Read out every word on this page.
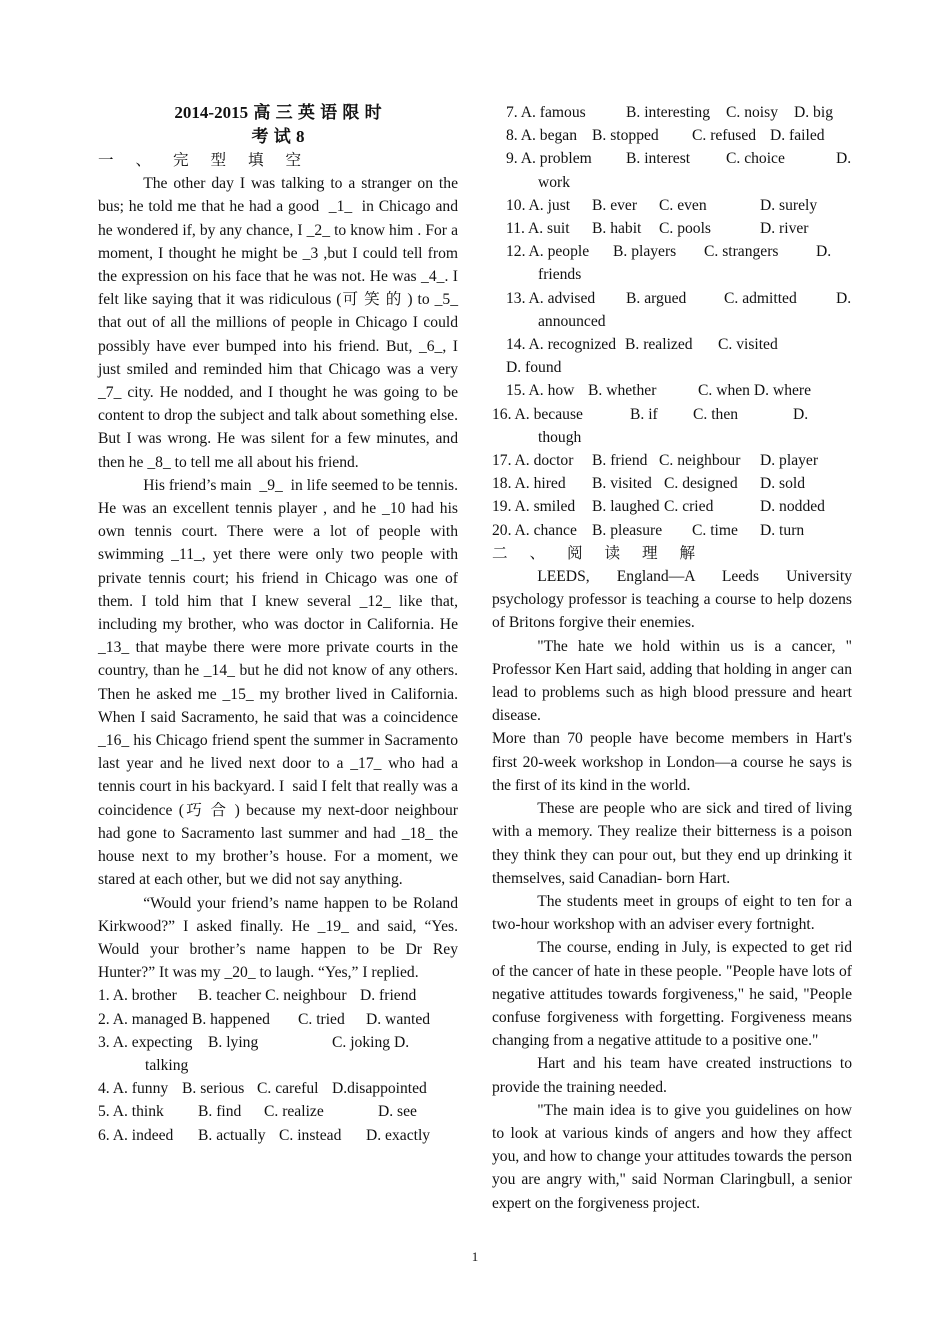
2014-2015 高 三 英 语 限 时
考 试 8

一 、 完 型 填 空

The other day I was talking to a stranger on the bus; he told me that he had a good  _1_  in Chicago and he wondered if, by any chance, I _2_ to know him . For a moment, I thought he might be _3 ,but I could tell from the expression on his face that he was not. He was _4_. I felt like saying that it was ridiculous (可 笑 的 ) to _5_ that out of all the millions of people in Chicago I could possibly have ever bumped into his friend. But, _6_, I just smiled and reminded him that Chicago was a very _7_ city. He nodded, and I thought he was going to be content to drop the subject and talk about something else. But I was wrong. He was silent for a few minutes, and then he _8_ to tell me all about his friend.

His friend’s main  _9_  in life seemed to be tennis. He was an excellent tennis player , and he _10 had his own tennis court. There were a lot of people with swimming _11_, yet there were only two people with private tennis court; his friend in Chicago was one of them. I told him that I knew several _12_ like that, including my brother, who was doctor in California. He _13_ that maybe there were more private courts in the country, than he _14_ but he did not know of any others. Then he asked me _15_ my brother lived in California. When I said Sacramento, he said that was a coincidence _16_ his Chicago friend spent the summer in Sacramento last year and he lived next door to a _17_ who had a tennis court in his backyard. I  said I felt that really was a coincidence (巧 合 ) because my next-door neighbour had gone to Sacramento last summer and had _18_ the house next to my brother’s house. For a moment, we stared at each other, but we did not say anything.

“Would your friend’s name happen to be Roland Kirkwood?” I asked finally. He _19_ and said, “Yes. Would your brother’s name happen to be Dr Rey Hunter?” It was my _20_ to laugh. “Yes,” I replied.

1. A. brother	B. teacher C. neighbour D. friend
2. A. managed B. happened	C. tried	D. wanted
3. A. expecting B. lying	C. joking D.
talking
4. A. funny B. serious C. careful D.disappointed
5. A. think	B. find	C. realize	D. see
6. A. indeed	B. actually C. instead	D. exactly
7. A. famous	B. interesting	C. noisy	D. big
8. A. began B. stopped	C. refused D. failed
9. A. problem	B. interest	C. choice	D.
work
10. A. just	B. ever	C. even	D. surely
11. A. suit	B. habit	C. pools	D. river
12. A. people	B. players	C. strangers	D.
friends
13. A. advised	B. argued	C. admitted	D.
announced
14. A. recognized B. realized	C. visited
D. found
15. A. how B. whether	C. when D. where
16. A. because	B. if	C. then	D.
though
17. A. doctor	B. friend C. neighbour	D. player
18. A. hired	B. visited C. designed	D. sold
19. A. smiled	B. laughed C. cried	D. nodded
20. A. chance B. pleasure	C. time	D. turn

二 、 阅 读 理 解

LEEDS, England—A Leeds University psychology professor is teaching a course to help dozens of Britons forgive their enemies.

"The hate we hold within us is a cancer, " Professor Ken Hart said, adding that holding in anger can lead to problems such as high blood pressure and heart disease.

More than 70 people have become members in Hart's first 20-week workshop in London—a course he says is the first of its kind in the world.

These are people who are sick and tired of living with a memory. They realize their bitterness is a poison they think they can pour out, but they end up drinking it themselves, said Canadian- born Hart.

The students meet in groups of eight to ten for a two-hour workshop with an adviser every fortnight.

The course, ending in July, is expected to get rid of the cancer of hate in these people. "People have lots of negative attitudes towards forgiveness," he said, "People confuse forgiveness with forgetting. Forgiveness means changing from a negative attitude to a positive one."

Hart and his team have created instructions to provide the training needed.

"The main idea is to give you guidelines on how to look at various kinds of angers and how they affect you, and how to change your attitudes towards the person you are angry with," said Norman Claringbull, a senior expert on the forgiveness project.

1
